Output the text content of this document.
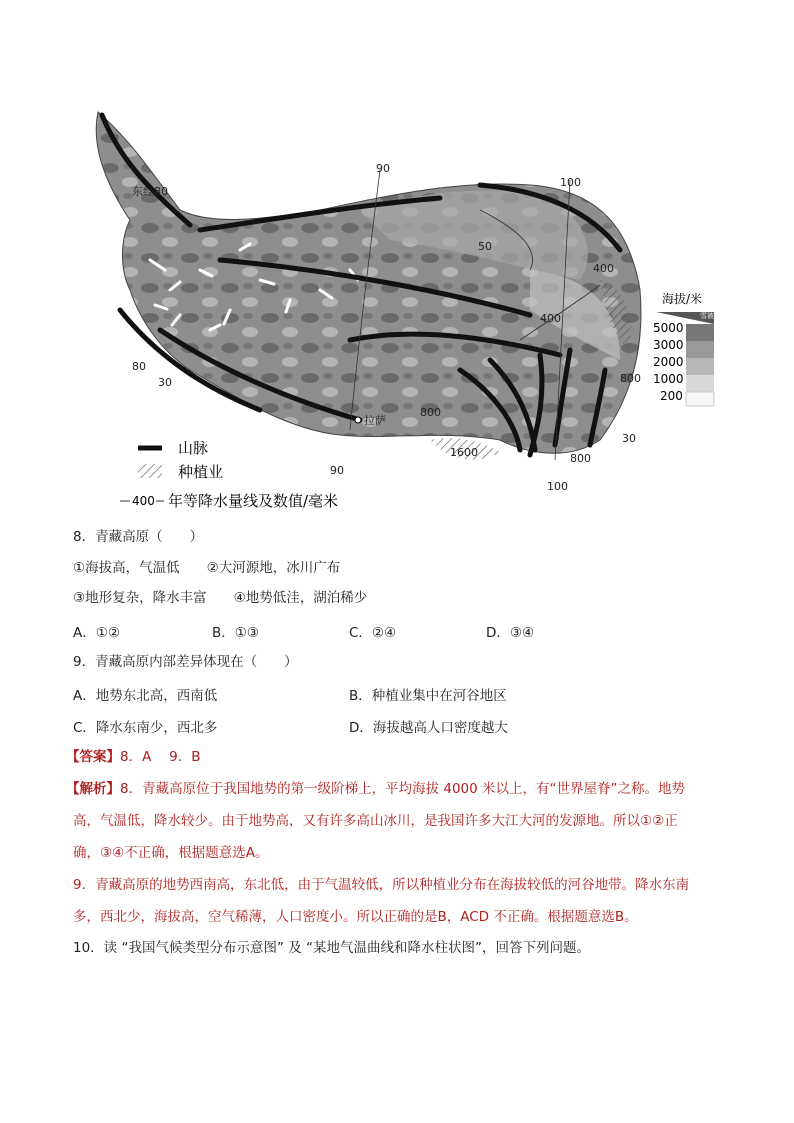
东经80
90
100
80
30
90
100
30
拉萨
50
400
400
800
800
800
1600
山脉
种植业
400 年等降水量线及数值/毫米
海拔/米
雪被
5000
3000
2000
1000
200
8．青藏高原（　　）
①海拔高，气温低　　②大河源地，冰川广布
③地形复杂，降水丰富　　④地势低洼，湖泊稀少
A．①②	B．①③	C．②④	D．③④
9．青藏高原内部差异体现在（　　）
A．地势东北高，西南低	B．种植业集中在河谷地区
C．降水东南少，西北多	D．海拔越高人口密度越大
【答案】8．A　 9．B
【解析】8．青藏高原位于我国地势的第一级阶梯上，平均海拔 4000 米以上，有“世界屋脊”之称。地势
高，气温低，降水较少。由于地势高，又有许多高山冰川，是我国许多大江大河的发源地。所以①②正
确，③④不正确，根据题意选A。
9．青藏高原的地势西南高，东北低，由于气温较低，所以种植业分布在海拔较低的河谷地带。降水东南
多，西北少，海拔高，空气稀薄，人口密度小。所以正确的是B，ACD 不正确。根据题意选B。
10．读 “我国气候类型分布示意图” 及 “某地气温曲线和降水柱状图”，回答下列问题。
